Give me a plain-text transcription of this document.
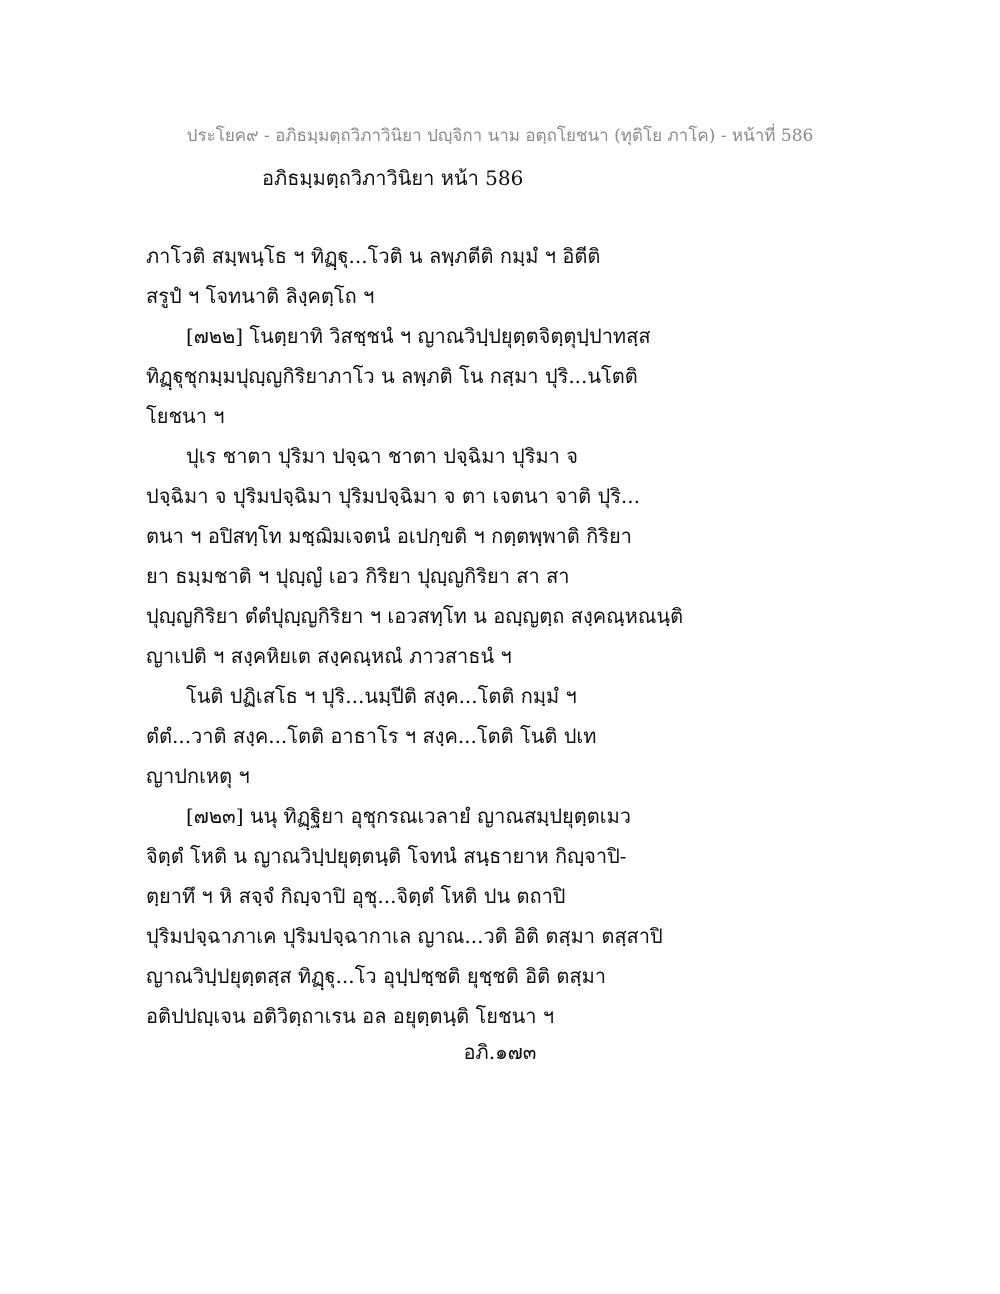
ประโยค๙ - อภิธมฺมตฺถวิภาวินิยา ปญฺจิกา นาม อตฺถโยชนา (ทุติโย ภาโค) - หน้าที่ 586
อภิธมฺมตฺถวิภาวินิยา หน้า 586
ภาโวติ สมฺพนฺโธ ฯ ทิฏฺฐุ...โวติ น ลพฺภตีติ กมฺมํ ฯ อิตีติ
สรูปํ ฯ โจทนาติ ลิงฺคตฺโถ ฯ
[๗๒๒] โนตฺยาทิ วิสชฺชนํ ฯ ญาณวิปฺปยุตฺตจิตฺตุปฺปาทสฺส
ทิฏฺฐุชุกมฺมปุญฺญกิริยาภาโว น ลพฺภติ โน กสฺมา ปุริ...นโตติ
โยชนา ฯ
ปุเร ชาตา ปุริมา ปจฺฉา ชาตา ปจฺฉิมา ปุริมา จ
ปจฺฉิมา จ ปุริมปจฺฉิมา ปุริมปจฺฉิมา จ ตา เจตนา จาติ ปุริ...
ตนา ฯ อปิสทฺโท มชฺฌิมเจตนํ อเปกฺขติ ฯ กตฺตพฺพาติ กิริยา
ยา ธมฺมชาติ ฯ ปุญฺญํ เอว กิริยา ปุญฺญกิริยา สา สา
ปุญฺญกิริยา ตํตํปุญฺญกิริยา ฯ เอวสทฺโท น อญฺญตฺถ สงฺคณฺหณนฺติ
ญาเปติ ฯ สงฺคหิยเต สงฺคณฺหณํ ภาวสาธนํ ฯ
โนติ ปฏิเสโธ ฯ ปุริ...นมฺปีติ สงฺค...โตติ กมฺมํ ฯ
ตํตํ...วาติ สงฺค...โตติ อาธาโร ฯ สงฺค...โตติ โนติ ปเท
ญาปกเหตุ ฯ
[๗๒๓] นนุ ทิฏฺฐิยา อุชุกรณเวลายํ ญาณสมฺปยุตฺตเมว
จิตฺตํ โหติ น ญาณวิปฺปยุตฺตนฺติ โจทนํ สนฺธายาห กิญฺจาปิ-
ตฺยาทึ ฯ หิ สจฺจํ กิญฺจาปิ อุชุ...จิตฺตํ โหติ ปน ตถาปิ
ปุริมปจฺฉาภาเค ปุริมปจฺฉากาเล ญาณ...วติ อิติ ตสฺมา ตสฺสาปิ
ญาณวิปฺปยุตฺตสฺส ทิฏฺฐุ...โว อุปฺปชฺชติ ยุชฺชติ อิติ ตสฺมา
อติปปญฺเจน อติวิตฺถาเรน อล อยุตฺตนฺติ โยชนา ฯ
อภิ.๑๗๓
